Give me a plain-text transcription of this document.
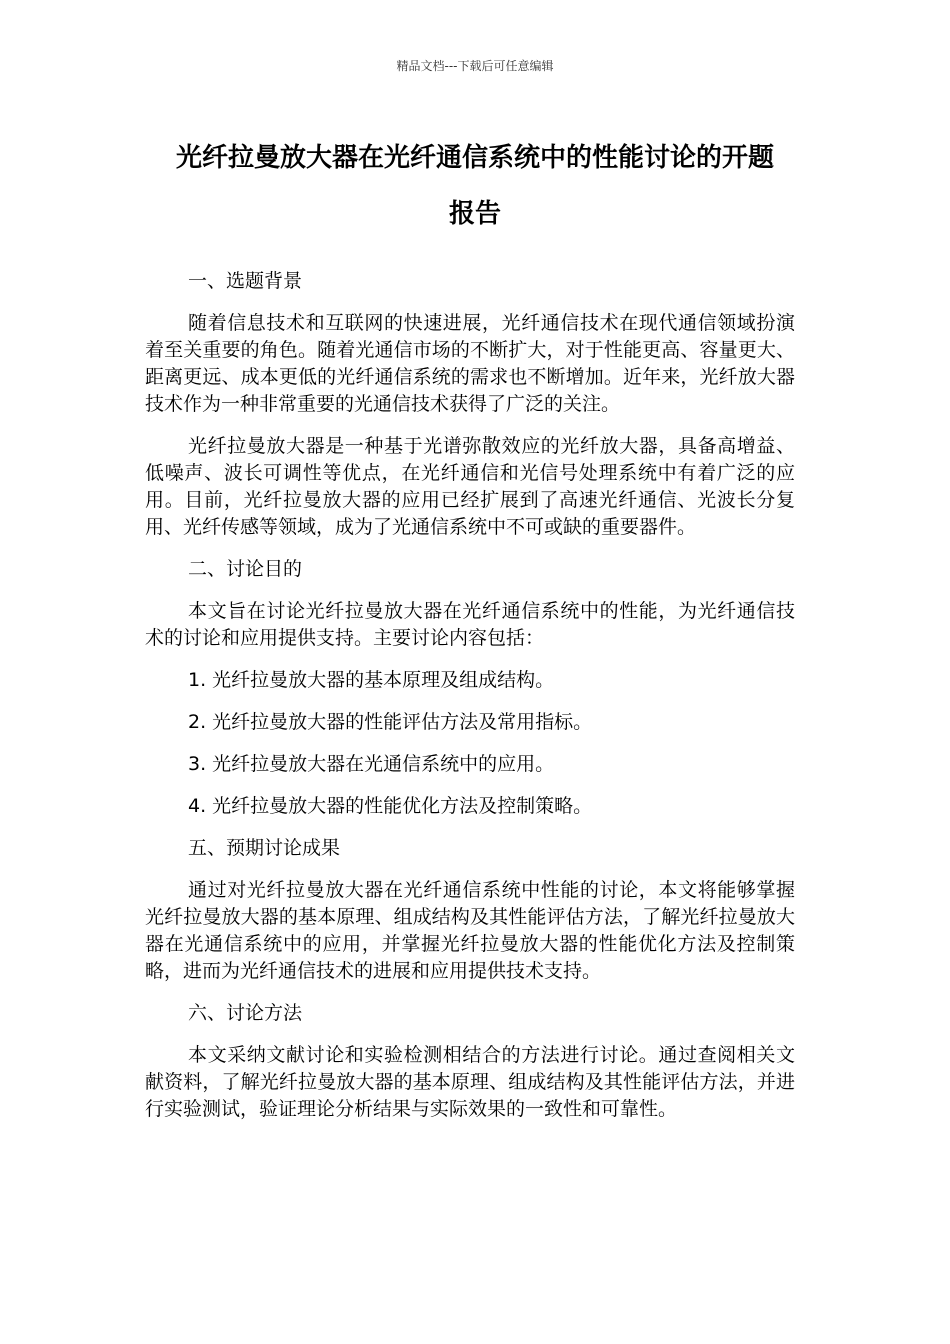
精品文档---下载后可任意编辑
光纤拉曼放大器在光纤通信系统中的性能讨论的开题
报告

一、选题背景

随着信息技术和互联网的快速进展，光纤通信技术在现代通信领域扮演着至关重要的角色。随着光通信市场的不断扩大，对于性能更高、容量更大、距离更远、成本更低的光纤通信系统的需求也不断增加。近年来，光纤放大器技术作为一种非常重要的光通信技术获得了广泛的关注。

光纤拉曼放大器是一种基于光谱弥散效应的光纤放大器，具备高增益、低噪声、波长可调性等优点，在光纤通信和光信号处理系统中有着广泛的应用。目前，光纤拉曼放大器的应用已经扩展到了高速光纤通信、光波长分复用、光纤传感等领域，成为了光通信系统中不可或缺的重要器件。

二、讨论目的

本文旨在讨论光纤拉曼放大器在光纤通信系统中的性能，为光纤通信技术的讨论和应用提供支持。主要讨论内容包括：

1. 光纤拉曼放大器的基本原理及组成结构。

2. 光纤拉曼放大器的性能评估方法及常用指标。

3. 光纤拉曼放大器在光通信系统中的应用。

4. 光纤拉曼放大器的性能优化方法及控制策略。

五、预期讨论成果

通过对光纤拉曼放大器在光纤通信系统中性能的讨论，本文将能够掌握光纤拉曼放大器的基本原理、组成结构及其性能评估方法，了解光纤拉曼放大器在光通信系统中的应用，并掌握光纤拉曼放大器的性能优化方法及控制策略，进而为光纤通信技术的进展和应用提供技术支持。

六、讨论方法

本文采纳文献讨论和实验检测相结合的方法进行讨论。通过查阅相关文献资料，了解光纤拉曼放大器的基本原理、组成结构及其性能评估方法，并进行实验测试，验证理论分析结果与实际效果的一致性和可靠性。
